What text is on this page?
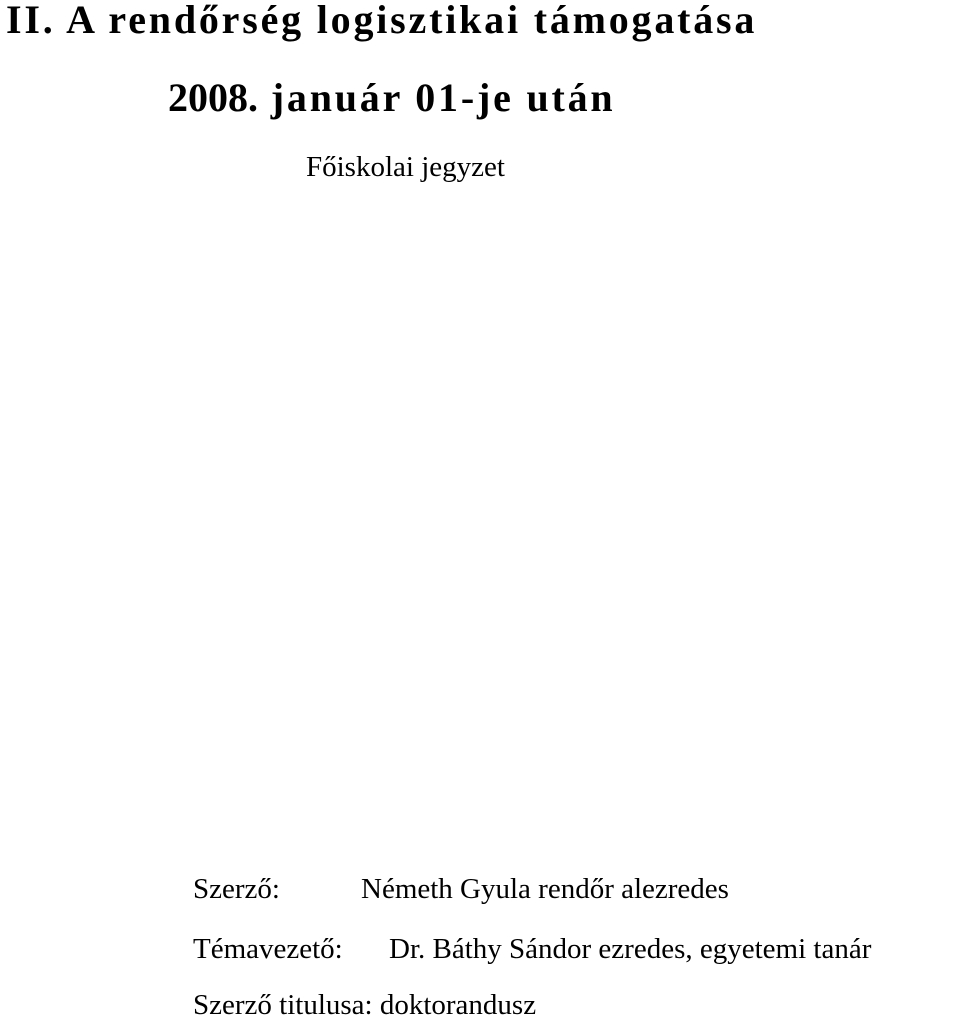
II. A rendőrség logisztikai támogatása
2008. január 01-je után
Főiskolai jegyzet
Szerző:	Németh Gyula rendőr alezredes
Témavezető: Dr. Báthy Sándor ezredes, egyetemi tanár
Szerző titulusa: doktorandusz
